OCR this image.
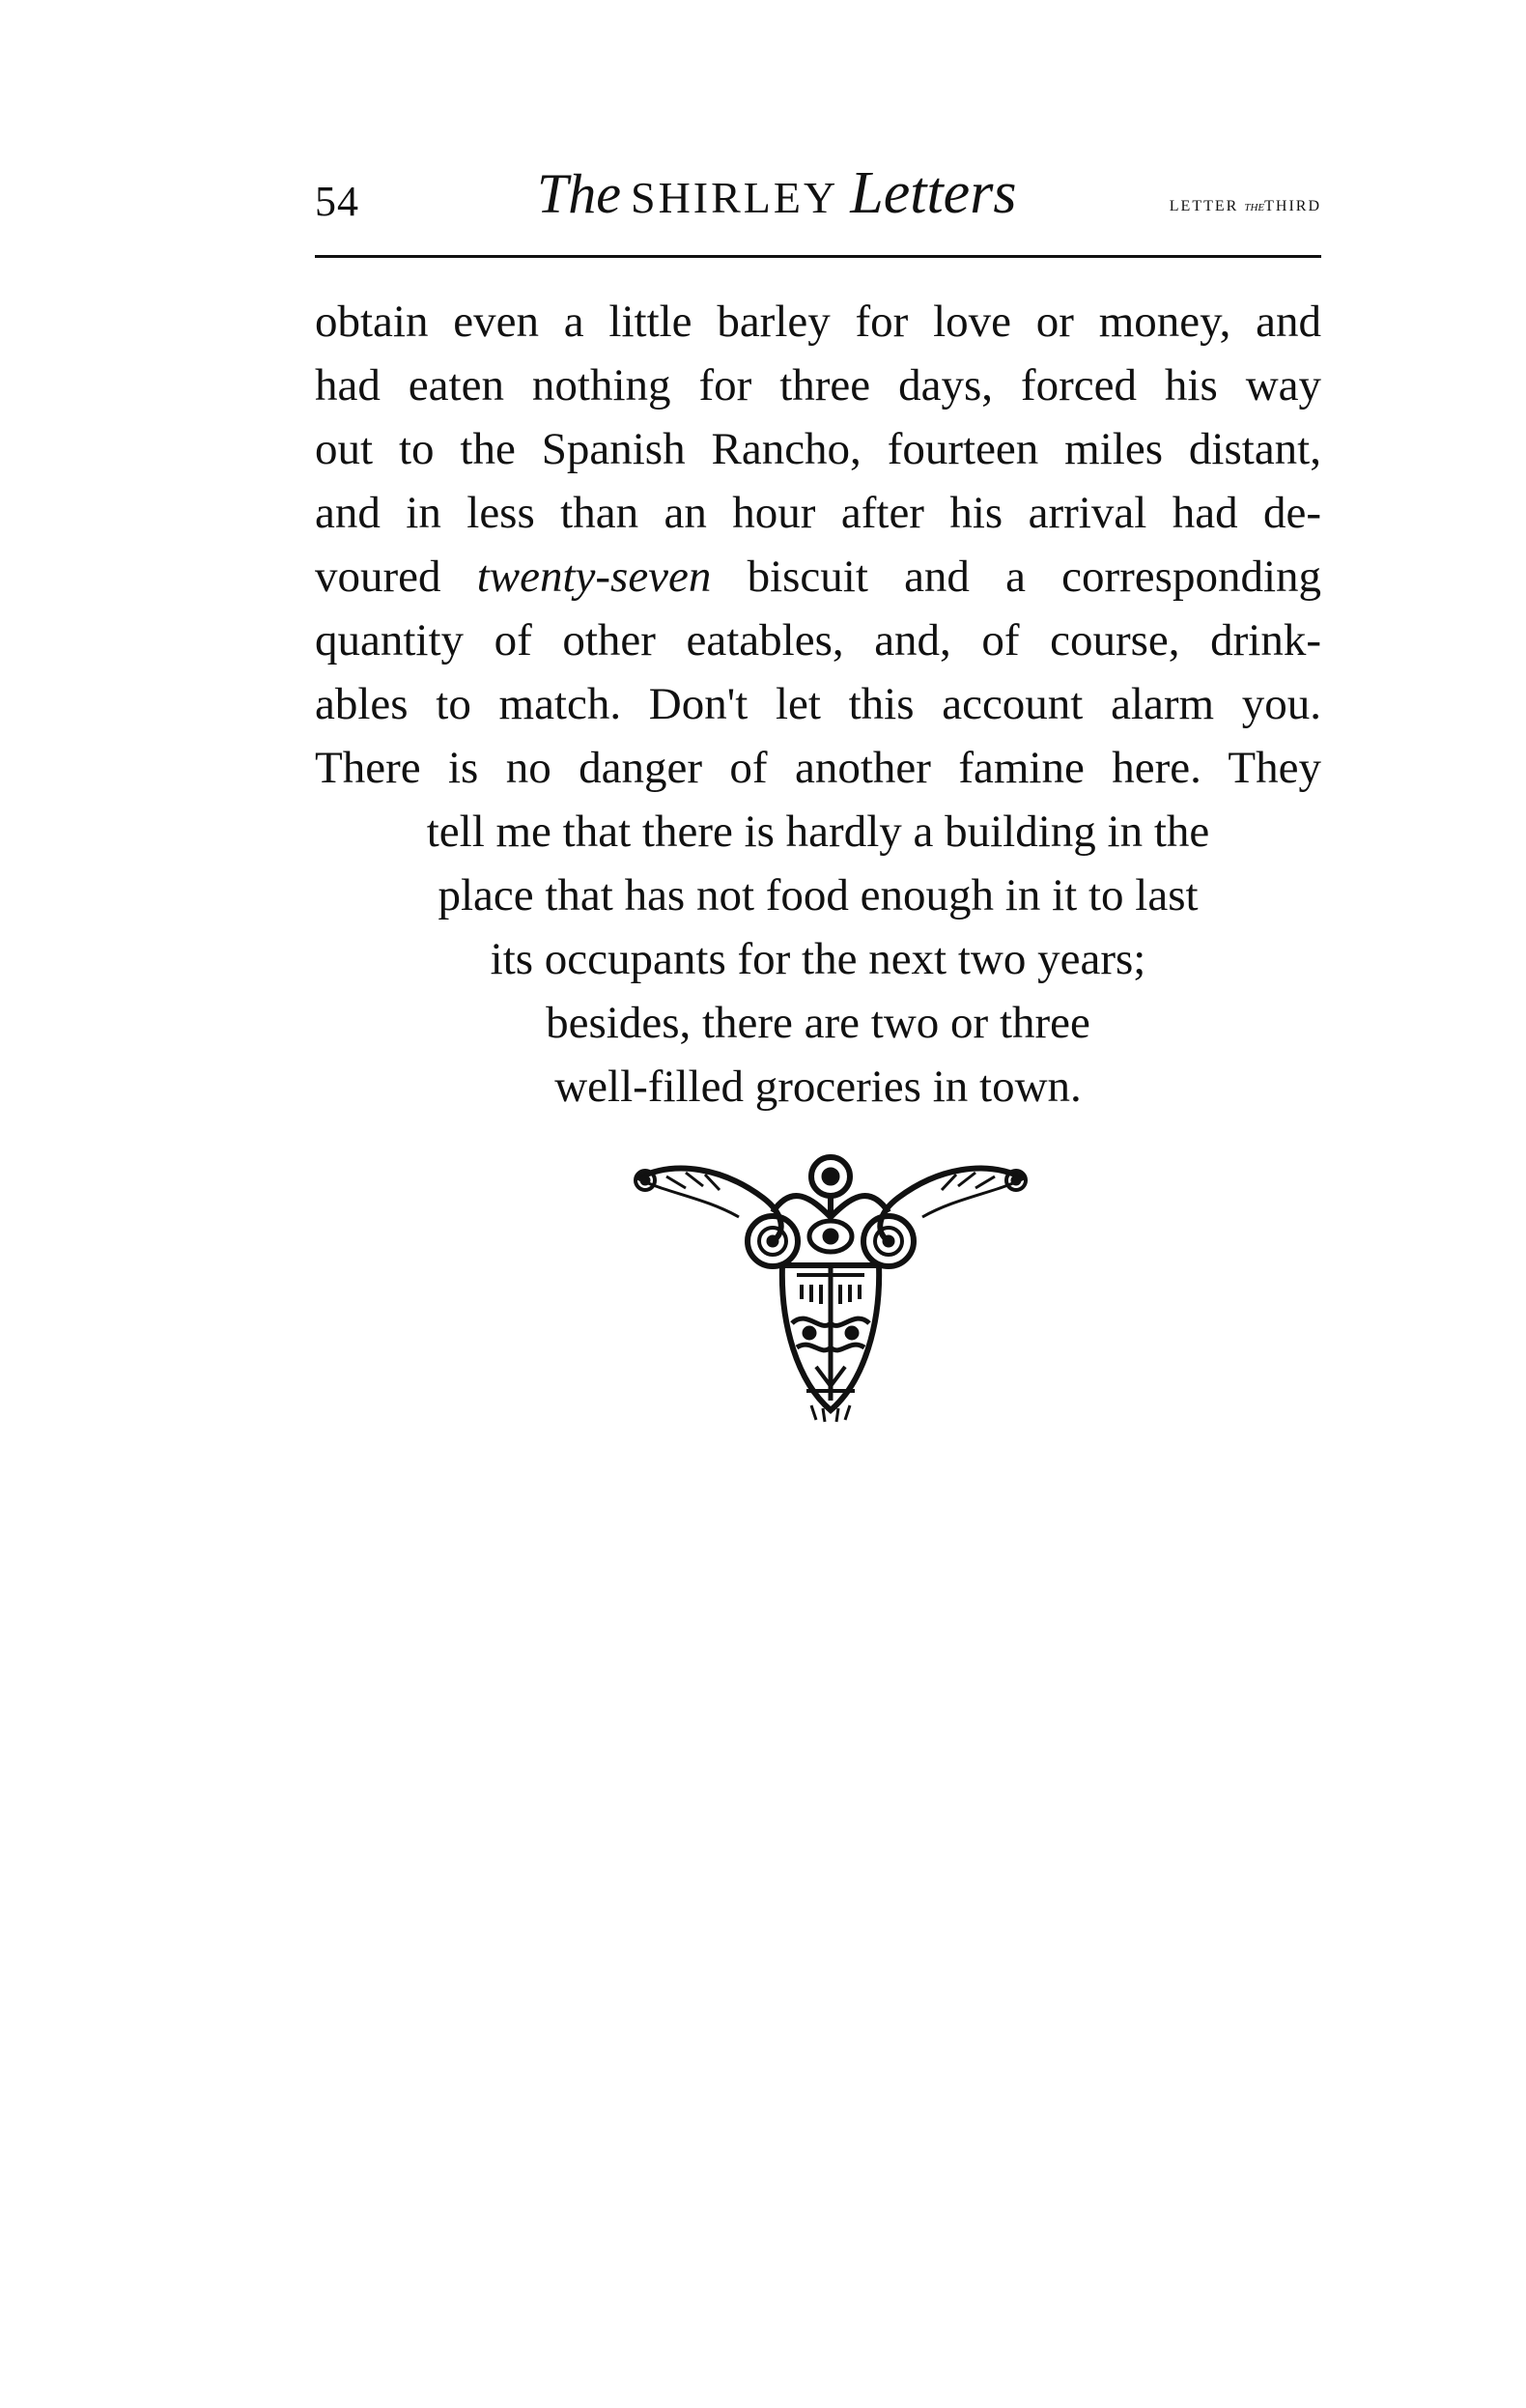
54	The SHIRLEY Letters	LETTER theTHIRD
obtain even a little barley for love or money, and
had eaten nothing for three days, forced his way
out to the Spanish Rancho, fourteen miles distant,
and in less than an hour after his arrival had de-
voured twenty-seven biscuit and a corresponding
quantity of other eatables, and, of course, drink-
ables to match. Don't let this account alarm you.
There is no danger of another famine here. They
tell me that there is hardly a building in the
place that has not food enough in it to last
its occupants for the next two years;
besides, there are two or three
well-filled groceries in town.
